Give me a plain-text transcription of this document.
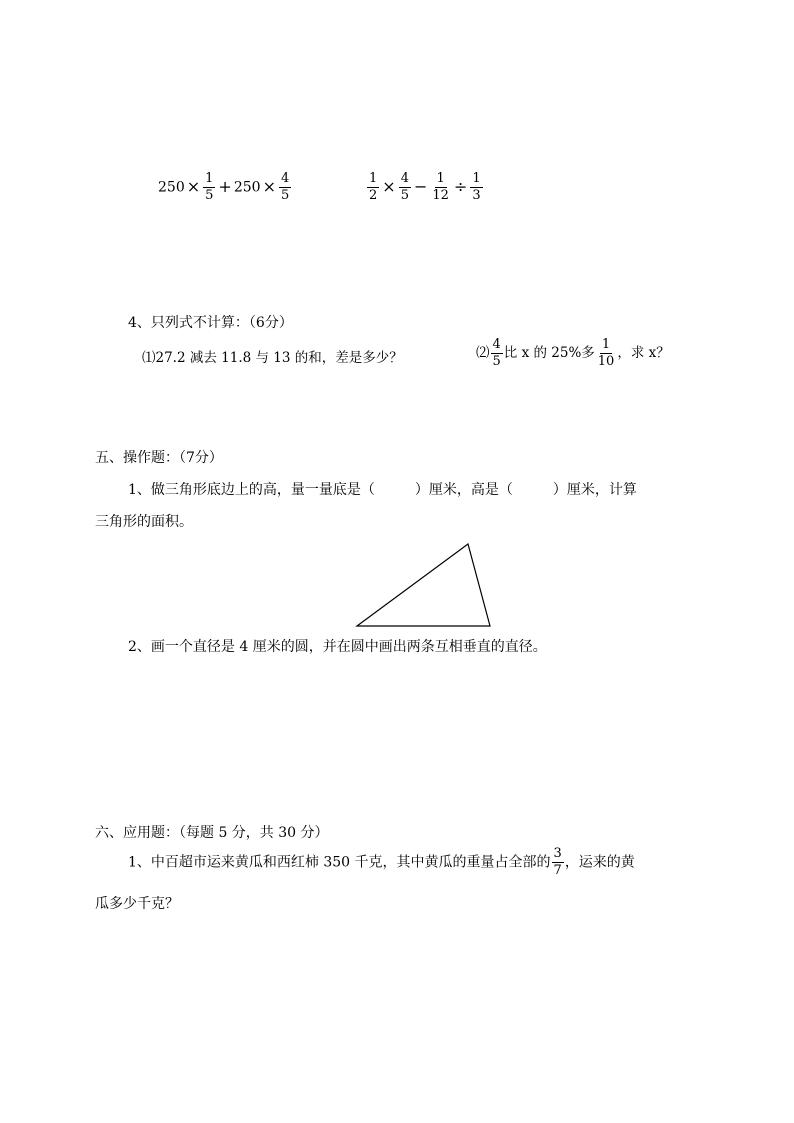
$250 \times \frac{1}{5} + 250 \times \frac{4}{5}$	$\frac{1}{2} \times \frac{4}{5} - \frac{1}{12} \div \frac{1}{3}$
4、只列式不计算：（6分）
⑴27.2 减去 11.8 与 13 的和，差是多少？	⑵ $\frac{4}{5}$ 比 x 的 25%多 $\frac{1}{10}$ ，求 x？
五、操作题：（7分）
1、做三角形底边上的高，量一量底是（	）厘米，高是（	）厘米，计算
三角形的面积。
2、画一个直径是 4 厘米的圆，并在圆中画出两条互相垂直的直径。
六、应用题：（每题 5 分，共 30 分）
1、中百超市运来黄瓜和西红柿 350 千克，其中黄瓜的重量占全部的 $\frac{3}{7}$ ，运来的黄
瓜多少千克？
